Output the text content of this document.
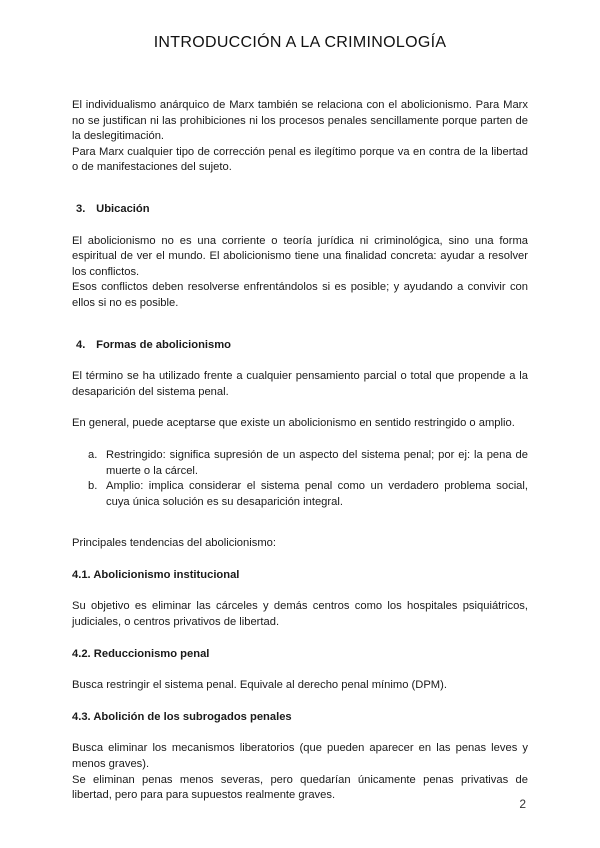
INTRODUCCIÓN A LA CRIMINOLOGÍA

El individualismo anárquico de Marx también se relaciona con el abolicionismo. Para Marx no se justifican ni las prohibiciones ni los procesos penales sencillamente porque parten de la deslegitimación.

Para Marx cualquier tipo de corrección penal es ilegítimo porque va en contra de la libertad o de manifestaciones del sujeto.

3. Ubicación

El abolicionismo no es una corriente o teoría jurídica ni criminológica, sino una forma espiritual de ver el mundo. El abolicionismo tiene una finalidad concreta: ayudar a resolver los conflictos.

Esos conflictos deben resolverse enfrentándolos si es posible; y ayudando a convivir con ellos si no es posible.

4. Formas de abolicionismo

El término se ha utilizado frente a cualquier pensamiento parcial o total que propende a la desaparición del sistema penal.

En general, puede aceptarse que existe un abolicionismo en sentido restringido o amplio.

a. Restringido: significa supresión de un aspecto del sistema penal; por ej: la pena de muerte o la cárcel.
b. Amplio: implica considerar el sistema penal como un verdadero problema social, cuya única solución es su desaparición integral.

Principales tendencias del abolicionismo:

4.1. Abolicionismo institucional

Su objetivo es eliminar las cárceles y demás centros como los hospitales psiquiátricos, judiciales, o centros privativos de libertad.

4.2. Reduccionismo penal

Busca restringir el sistema penal. Equivale al derecho penal mínimo (DPM).

4.3. Abolición de los subrogados penales

Busca eliminar los mecanismos liberatorios (que pueden aparecer en las penas leves y menos graves).

Se eliminan penas menos severas, pero quedarían únicamente penas privativas de libertad, pero para para supuestos realmente graves.

2
